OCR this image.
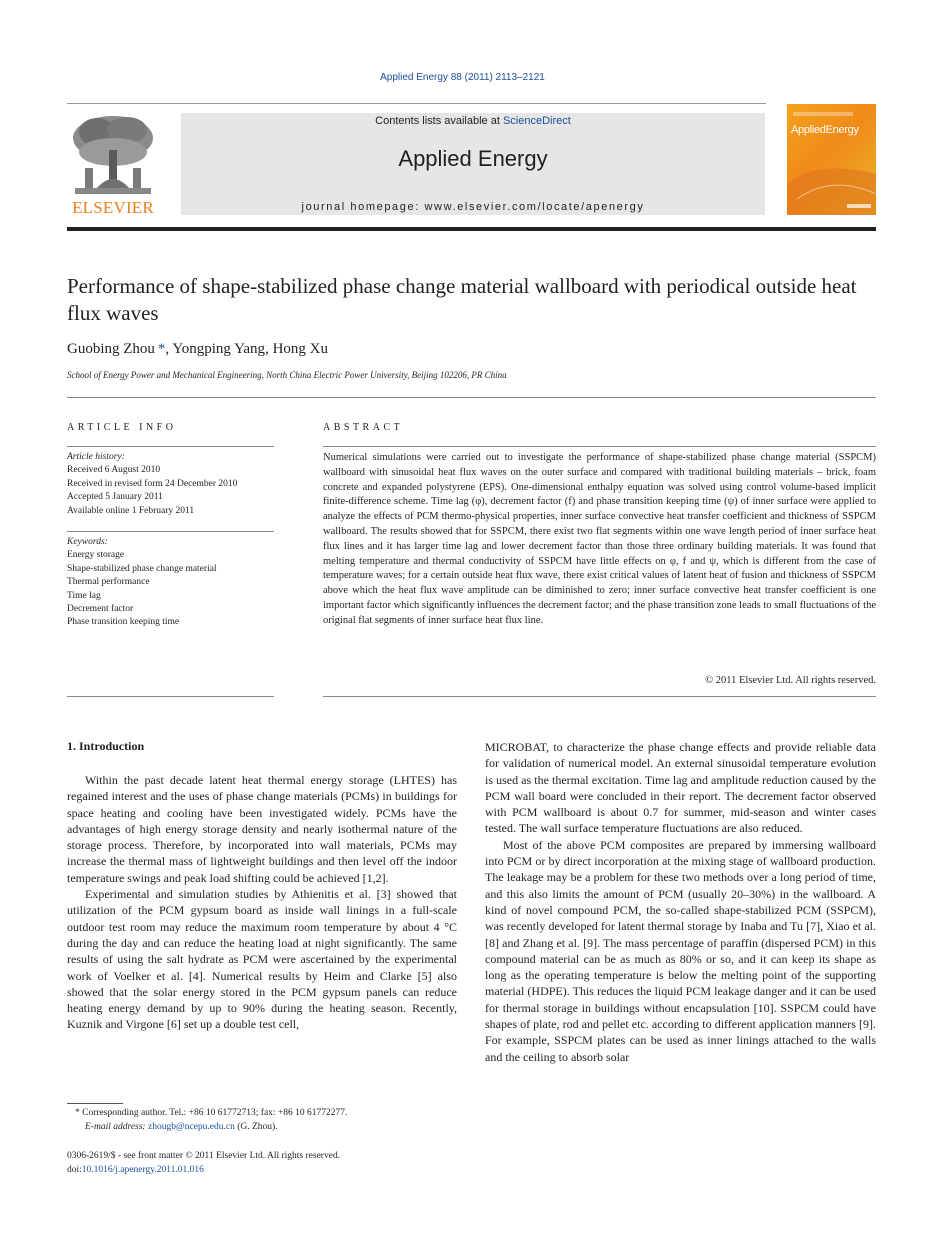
Applied Energy 88 (2011) 2113–2121
ELSEVIER
Contents lists available at ScienceDirect
Applied Energy
journal homepage: www.elsevier.com/locate/apenergy
AppliedEnergy
Performance of shape-stabilized phase change material wallboard with periodical outside heat flux waves
Guobing Zhou *, Yongping Yang, Hong Xu
School of Energy Power and Mechanical Engineering, North China Electric Power University, Beijing 102206, PR China
ARTICLE INFO
Article history:
Received 6 August 2010
Received in revised form 24 December 2010
Accepted 5 January 2011
Available online 1 February 2011
Keywords:
Energy storage
Shape-stabilized phase change material
Thermal performance
Time lag
Decrement factor
Phase transition keeping time
ABSTRACT
Numerical simulations were carried out to investigate the performance of shape-stabilized phase change material (SSPCM) wallboard with sinusoidal heat flux waves on the outer surface and compared with traditional building materials – brick, foam concrete and expanded polystyrene (EPS). One-dimensional enthalpy equation was solved using control volume-based implicit finite-difference scheme. Time lag (φ), decrement factor (f) and phase transition keeping time (ψ) of inner surface were applied to analyze the effects of PCM thermo-physical properties, inner surface convective heat transfer coefficient and thickness of SSPCM wallboard. The results showed that for SSPCM, there exist two flat segments within one wave length period of inner surface heat flux lines and it has larger time lag and lower decrement factor than those three ordinary building materials. It was found that melting temperature and thermal conductivity of SSPCM have little effects on φ, f and ψ, which is different from the case of temperature waves; for a certain outside heat flux wave, there exist critical values of latent heat of fusion and thickness of SSPCM above which the heat flux wave amplitude can be diminished to zero; inner surface convective heat transfer coefficient is one important factor which significantly influences the decrement factor; and the phase transition zone leads to small fluctuations of the original flat segments of inner surface heat flux line.
© 2011 Elsevier Ltd. All rights reserved.
1. Introduction

Within the past decade latent heat thermal energy storage (LHTES) has regained interest and the uses of phase change materials (PCMs) in buildings for space heating and cooling have been investigated widely. PCMs have the advantages of high energy storage density and nearly isothermal nature of the storage process. Therefore, by incorporated into wall materials, PCMs may increase the thermal mass of lightweight buildings and then level off the indoor temperature swings and peak load shifting could be achieved [1,2].

Experimental and simulation studies by Athienitis et al. [3] showed that utilization of the PCM gypsum board as inside wall linings in a full-scale outdoor test room may reduce the maximum room temperature by about 4 °C during the day and can reduce the heating load at night significantly. The same results of using the salt hydrate as PCM were ascertained by the experimental work of Voelker et al. [4]. Numerical results by Heim and Clarke [5] also showed that the solar energy stored in the PCM gypsum panels can reduce heating energy demand by up to 90% during the heating season. Recently, Kuznik and Virgone [6] set up a double test cell,

MICROBAT, to characterize the phase change effects and provide reliable data for validation of numerical model. An external sinusoidal temperature evolution is used as the thermal excitation. Time lag and amplitude reduction caused by the PCM wall board were concluded in their report. The decrement factor observed with PCM wallboard is about 0.7 for summer, mid-season and winter cases tested. The wall surface temperature fluctuations are also reduced.

Most of the above PCM composites are prepared by immersing wallboard into PCM or by direct incorporation at the mixing stage of wallboard production. The leakage may be a problem for these two methods over a long period of time, and this also limits the amount of PCM (usually 20–30%) in the wallboard. A kind of novel compound PCM, the so-called shape-stabilized PCM (SSPCM), was recently developed for latent thermal storage by Inaba and Tu [7], Xiao et al. [8] and Zhang et al. [9]. The mass percentage of paraffin (dispersed PCM) in this compound material can be as much as 80% or so, and it can keep its shape as long as the operating temperature is below the melting point of the supporting material (HDPE). This reduces the liquid PCM leakage danger and it can be used for thermal storage in buildings without encapsulation [10]. SSPCM could have shapes of plate, rod and pellet etc. according to different application manners [9]. For example, SSPCM plates can be used as inner linings attached to the walls and the ceiling to absorb solar

* Corresponding author. Tel.: +86 10 61772713; fax: +86 10 61772277.
E-mail address: zhougb@ncepu.edu.cn (G. Zhou).
0306-2619/$ - see front matter © 2011 Elsevier Ltd. All rights reserved.
doi:10.1016/j.apenergy.2011.01.016
